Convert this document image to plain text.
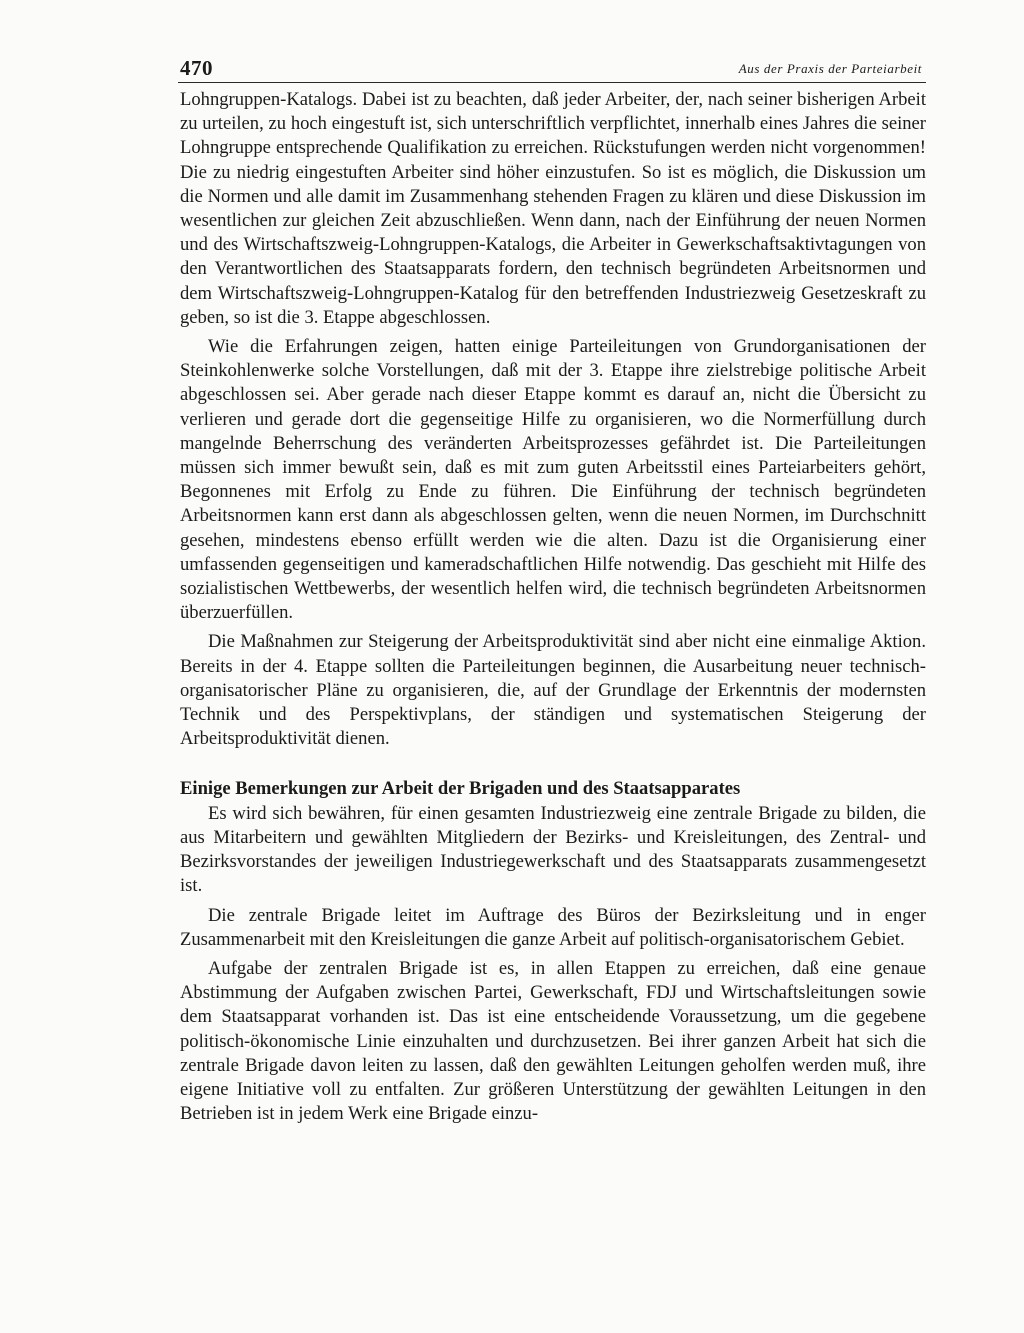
470	Aus der Praxis der Parteiarbeit

Lohngruppen-Katalogs. Dabei ist zu beachten, daß jeder Arbeiter, der, nach seiner bisherigen Arbeit zu urteilen, zu hoch eingestuft ist, sich unterschriftlich verpflichtet, innerhalb eines Jahres die seiner Lohngruppe entsprechende Qualifikation zu erreichen. Rückstufungen werden nicht vorgenommen! Die zu niedrig eingestuften Arbeiter sind höher einzustufen. So ist es möglich, die Diskussion um die Normen und alle damit im Zusammenhang stehenden Fragen zu klären und diese Diskussion im wesentlichen zur gleichen Zeit abzuschließen. Wenn dann, nach der Einführung der neuen Normen und des Wirtschaftszweig-Lohngruppen-Katalogs, die Arbeiter in Gewerkschaftsaktivtagungen von den Verantwortlichen des Staatsapparats fordern, den technisch begründeten Arbeitsnormen und dem Wirtschaftszweig-Lohngruppen-Katalog für den betreffenden Industriezweig Gesetzeskraft zu geben, so ist die 3. Etappe abgeschlossen.

Wie die Erfahrungen zeigen, hatten einige Parteileitungen von Grundorganisationen der Steinkohlenwerke solche Vorstellungen, daß mit der 3. Etappe ihre zielstrebige politische Arbeit abgeschlossen sei. Aber gerade nach dieser Etappe kommt es darauf an, nicht die Übersicht zu verlieren und gerade dort die gegenseitige Hilfe zu organisieren, wo die Normerfüllung durch mangelnde Beherrschung des veränderten Arbeitsprozesses gefährdet ist. Die Parteileitungen müssen sich immer bewußt sein, daß es mit zum guten Arbeitsstil eines Parteiarbeiters gehört, Begonnenes mit Erfolg zu Ende zu führen. Die Einführung der technisch begründeten Arbeitsnormen kann erst dann als abgeschlossen gelten, wenn die neuen Normen, im Durchschnitt gesehen, mindestens ebenso erfüllt werden wie die alten. Dazu ist die Organisierung einer umfassenden gegenseitigen und kameradschaftlichen Hilfe notwendig. Das geschieht mit Hilfe des sozialistischen Wettbewerbs, der wesentlich helfen wird, die technisch begründeten Arbeitsnormen überzuerfüllen.

Die Maßnahmen zur Steigerung der Arbeitsproduktivität sind aber nicht eine einmalige Aktion. Bereits in der 4. Etappe sollten die Parteileitungen beginnen, die Ausarbeitung neuer technisch-organisatorischer Pläne zu organisieren, die, auf der Grundlage der Erkenntnis der modernsten Technik und des Perspektivplans, der ständigen und systematischen Steigerung der Arbeitsproduktivität dienen.

Einige Bemerkungen zur Arbeit der Brigaden und des Staatsapparates

Es wird sich bewähren, für einen gesamten Industriezweig eine zentrale Brigade zu bilden, die aus Mitarbeitern und gewählten Mitgliedern der Bezirks- und Kreisleitungen, des Zentral- und Bezirksvorstandes der jeweiligen Industriegewerkschaft und des Staatsapparats zusammengesetzt ist.

Die zentrale Brigade leitet im Auftrage des Büros der Bezirksleitung und in enger Zusammenarbeit mit den Kreisleitungen die ganze Arbeit auf politisch-organisatorischem Gebiet.

Aufgabe der zentralen Brigade ist es, in allen Etappen zu erreichen, daß eine genaue Abstimmung der Aufgaben zwischen Partei, Gewerkschaft, FDJ und Wirtschaftsleitungen sowie dem Staatsapparat vorhanden ist. Das ist eine entscheidende Voraussetzung, um die gegebene politisch-ökonomische Linie einzuhalten und durchzusetzen. Bei ihrer ganzen Arbeit hat sich die zentrale Brigade davon leiten zu lassen, daß den gewählten Leitungen geholfen werden muß, ihre eigene Initiative voll zu entfalten. Zur größeren Unterstützung der gewählten Leitungen in den Betrieben ist in jedem Werk eine Brigade einzu-
